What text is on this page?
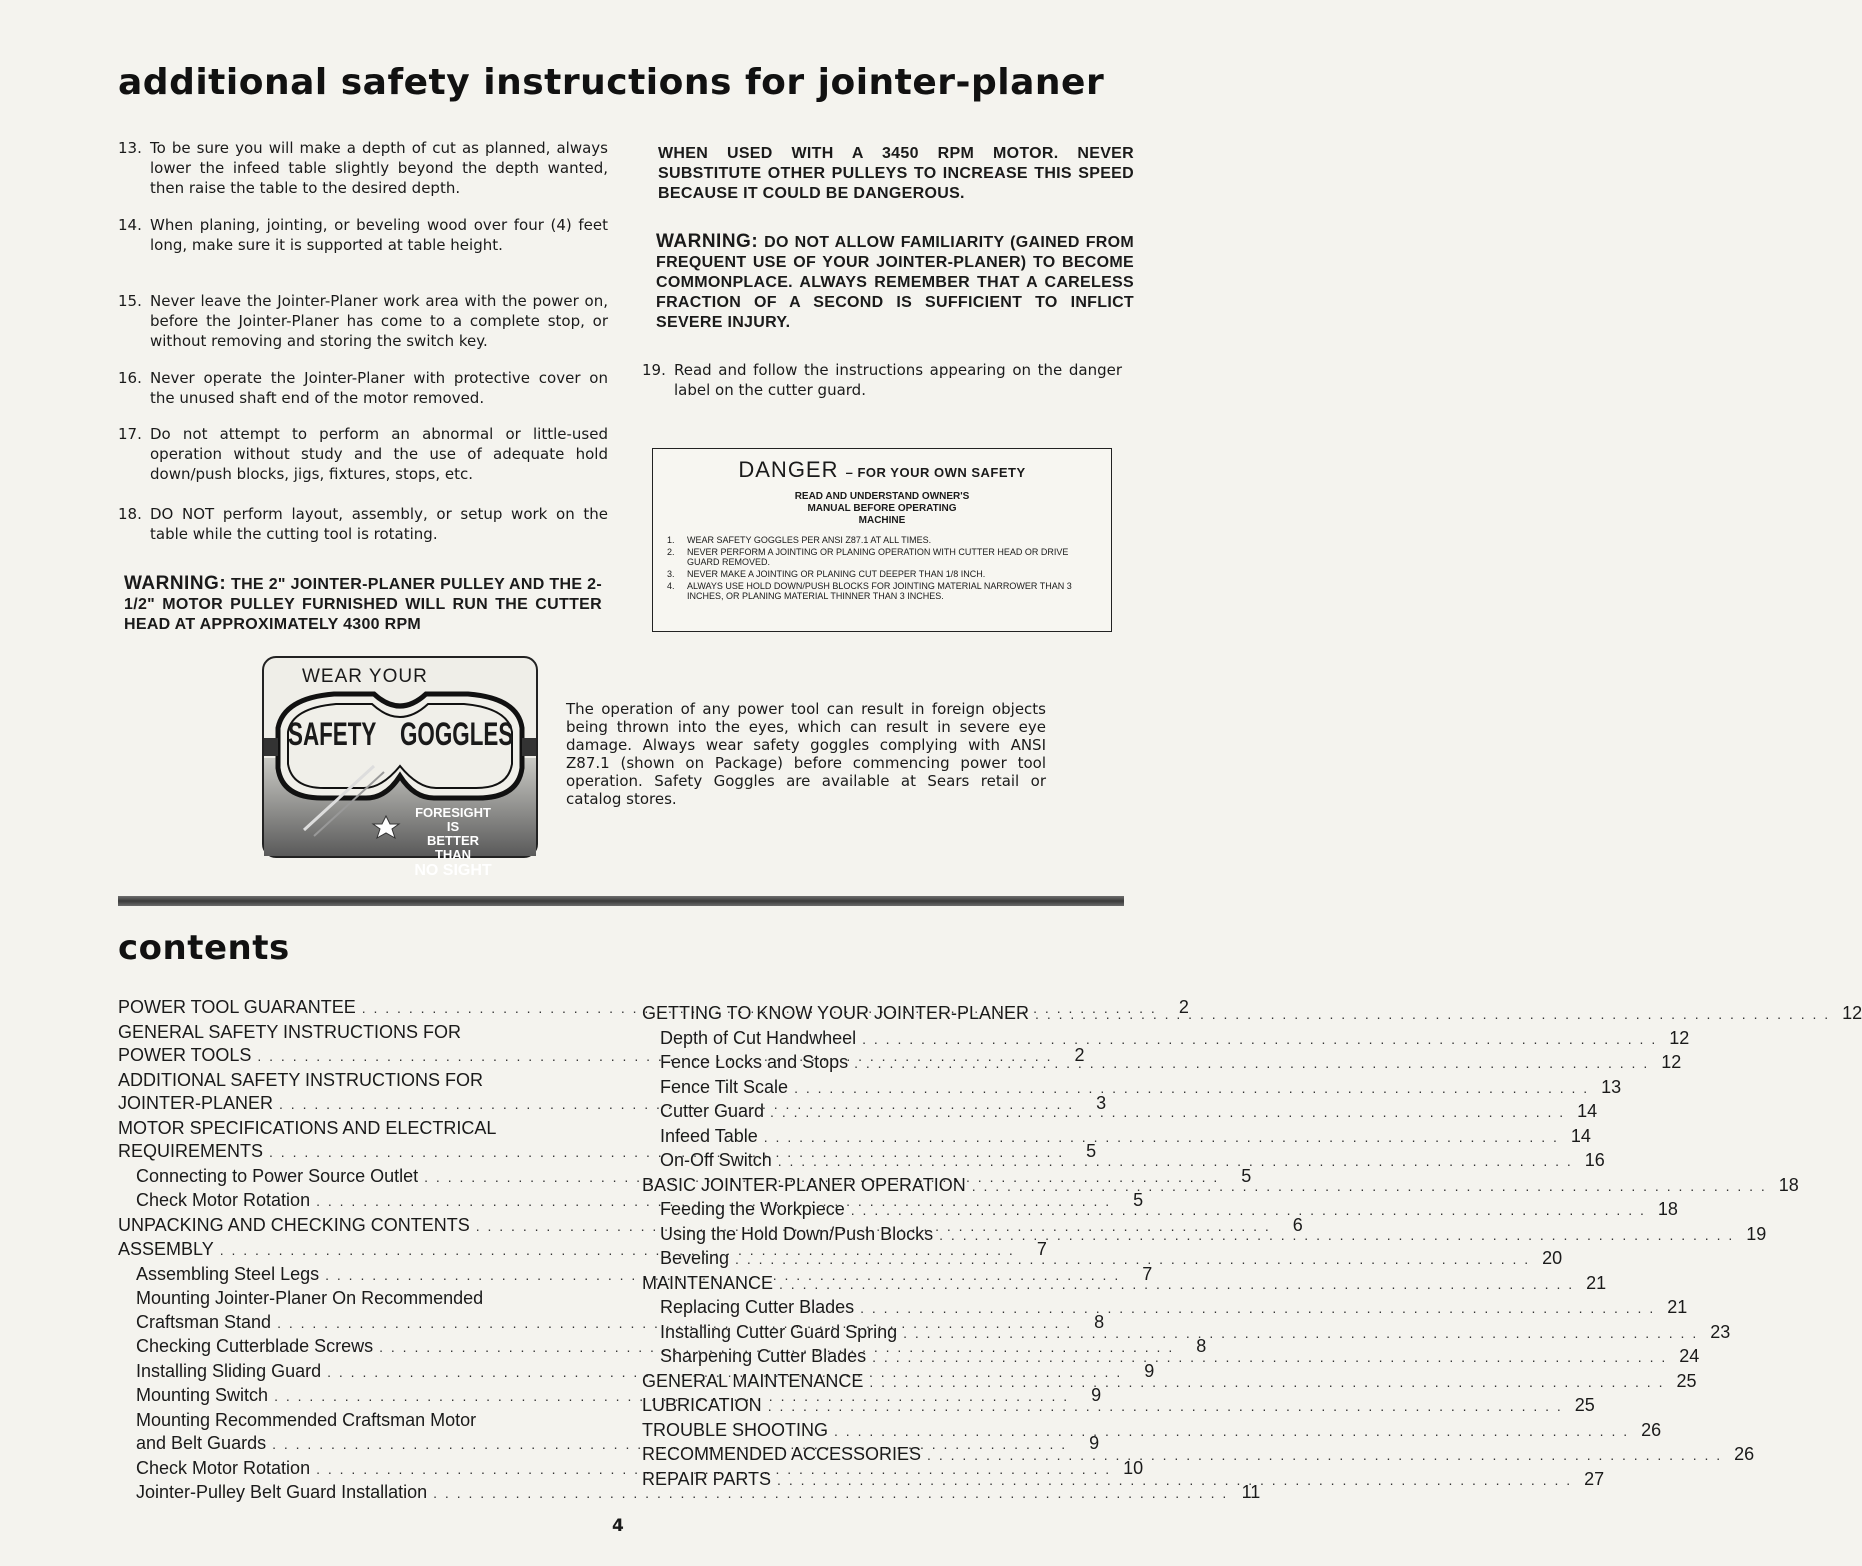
additional safety instructions for jointer-planer
13. To be sure you will make a depth of cut as planned, always lower the infeed table slightly beyond the depth wanted, then raise the table to the desired depth.
14. When planing, jointing, or beveling wood over four (4) feet long, make sure it is supported at table height.
15. Never leave the Jointer-Planer work area with the power on, before the Jointer-Planer has come to a complete stop, or without removing and storing the switch key.
16. Never operate the Jointer-Planer with protective cover on the unused shaft end of the motor removed.
17. Do not attempt to perform an abnormal or little-used operation without study and the use of adequate hold down/push blocks, jigs, fixtures, stops, etc.
18. DO NOT perform layout, assembly, or setup work on the table while the cutting tool is rotating.
WARNING: THE 2" JOINTER-PLANER PULLEY AND THE 2-1/2" MOTOR PULLEY FURNISHED WILL RUN THE CUTTER HEAD AT APPROXIMATELY 4300 RPM
WHEN USED WITH A 3450 RPM MOTOR. NEVER SUBSTITUTE OTHER PULLEYS TO INCREASE THIS SPEED BECAUSE IT COULD BE DANGEROUS.
WARNING: DO NOT ALLOW FAMILIARITY (GAINED FROM FREQUENT USE OF YOUR JOINTER-PLANER) TO BECOME COMMONPLACE. ALWAYS REMEMBER THAT A CARELESS FRACTION OF A SECOND IS SUFFICIENT TO INFLICT SEVERE INJURY.
19. Read and follow the instructions appearing on the danger label on the cutter guard.
DANGER – FOR YOUR OWN SAFETY
READ AND UNDERSTAND OWNER'S MANUAL BEFORE OPERATING MACHINE
1.	WEAR SAFETY GOGGLES PER ANSI Z87.1 AT ALL TIMES.
2.	NEVER PERFORM A JOINTING OR PLANING OPERATION WITH CUTTER HEAD OR DRIVE GUARD REMOVED.
3.	NEVER MAKE A JOINTING OR PLANING CUT DEEPER THAN 1/8 INCH.
4.	ALWAYS USE HOLD DOWN/PUSH BLOCKS FOR JOINTING MATERIAL NARROWER THAN 3 INCHES, OR PLANING MATERIAL THINNER THAN 3 INCHES.
WEAR YOUR
SAFETY GOGGLES
FORESIGHT IS
BETTER THAN
NO SIGHT
The operation of any power tool can result in foreign objects being thrown into the eyes, which can result in severe eye damage. Always wear safety goggles complying with ANSI Z87.1 (shown on Package) before commencing power tool operation. Safety Goggles are available at Sears retail or catalog stores.
contents
POWER TOOL GUARANTEE . . .	2
GENERAL SAFETY INSTRUCTIONS FOR
POWER TOOLS . . .	2
ADDITIONAL SAFETY INSTRUCTIONS FOR
JOINTER-PLANER . . .	3
MOTOR SPECIFICATIONS AND ELECTRICAL
REQUIREMENTS . . .	5
Connecting to Power Source Outlet . . .	5
Check Motor Rotation . . .	5
UNPACKING AND CHECKING CONTENTS . . .	6
ASSEMBLY . . .	7
Assembling Steel Legs . . .	7
Mounting Jointer-Planer On Recommended
Craftsman Stand . . .	8
Checking Cutterblade Screws . . .	8
Installing Sliding Guard . . .	9
Mounting Switch . . .	9
Mounting Recommended Craftsman Motor
and Belt Guards . . .	9
Check Motor Rotation . . .	10
Jointer-Pulley Belt Guard Installation . . .	11
GETTING TO KNOW YOUR JOINTER-PLANER . . .	12
Depth of Cut Handwheel . . .	12
Fence Locks and Stops . . .	12
Fence Tilt Scale . . .	13
Cutter Guard . . .	14
Infeed Table . . .	14
On-Off Switch . . .	16
BASIC JOINTER-PLANER OPERATION . . .	18
Feeding the Workpiece . . .	18
Using the Hold Down/Push Blocks . . .	19
Beveling . . .	20
MAINTENANCE . . .	21
Replacing Cutter Blades . . .	21
Installing Cutter Guard Spring . . .	23
Sharpening Cutter Blades . . .	24
GENERAL MAINTENANCE . . .	25
LUBRICATION . . .	25
TROUBLE SHOOTING . . .	26
RECOMMENDED ACCESSORIES . . .	26
REPAIR PARTS . . .	27
4
